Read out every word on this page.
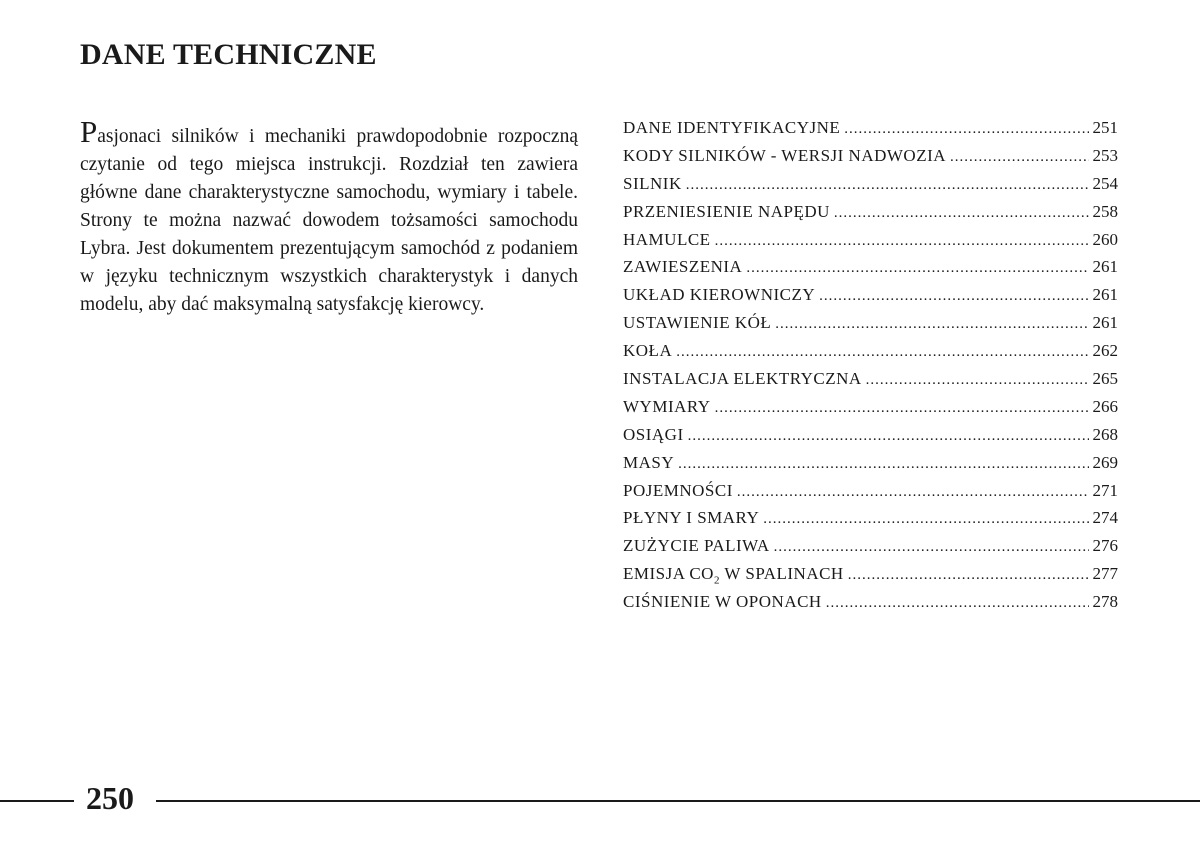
DANE TECHNICZNE

Pasjonaci silników i mechaniki prawdopodobnie rozpoczną czytanie od tego miejsca instrukcji. Rozdział ten zawiera główne dane charakterystyczne samochodu, wymiary i tabele. Strony te można nazwać dowodem tożsamości samochodu Lybra. Jest dokumentem prezentującym samochód z podaniem w języku technicznym wszystkich charakterystyk i danych modelu, aby dać maksymalną satysfakcję kierowcy.

DANE IDENTYFIKACYJNE .....	251
KODY SILNIKÓW - WERSJI NADWOZIA .....	253
SILNIK .....	254
PRZENIESIENIE NAPĘDU .....	258
HAMULCE .....	260
ZAWIESZENIA .....	261
UKŁAD KIEROWNICZY .....	261
USTAWIENIE KÓŁ .....	261
KOŁA .....	262
INSTALACJA ELEKTRYCZNA .....	265
WYMIARY .....	266
OSIĄGI .....	268
MASY .....	269
POJEMNOŚCI .....	271
PŁYNY I SMARY .....	274
ZUŻYCIE PALIWA .....	276
EMISJA $CO_2$ W SPALINACH .....	277
CIŚNIENIE W OPONACH .....	278

250
